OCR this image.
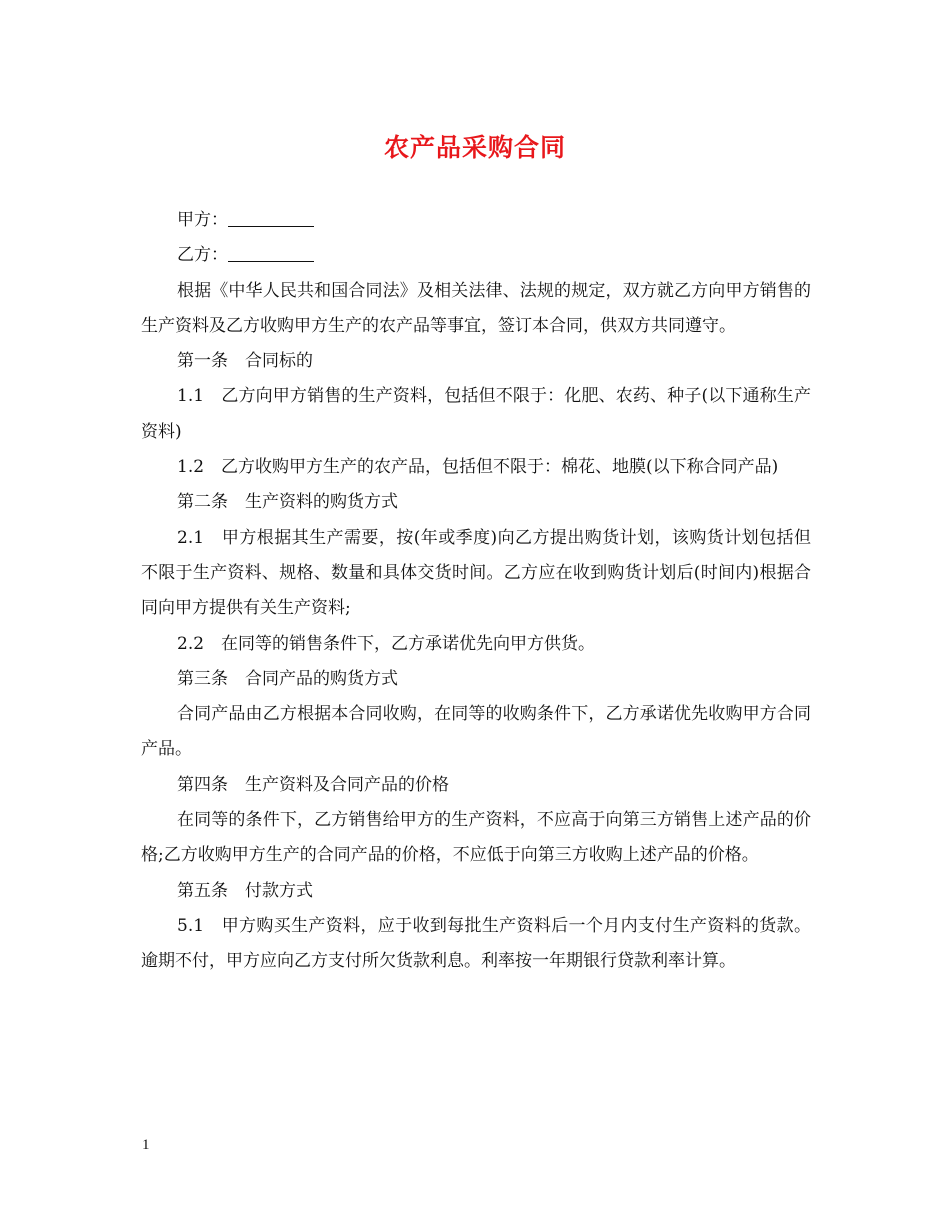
农产品采购合同

甲方：

乙方：

根据《中华人民共和国合同法》及相关法律、法规的规定，双方就乙方向甲方销售的生产资料及乙方收购甲方生产的农产品等事宜，签订本合同，供双方共同遵守。

第一条　合同标的

1.1　乙方向甲方销售的生产资料，包括但不限于：化肥、农药、种子(以下通称生产资料)

1.2　乙方收购甲方生产的农产品，包括但不限于：棉花、地膜(以下称合同产品)

第二条　生产资料的购货方式

2.1　甲方根据其生产需要，按(年或季度)向乙方提出购货计划，该购货计划包括但不限于生产资料、规格、数量和具体交货时间。乙方应在收到购货计划后(时间内)根据合同向甲方提供有关生产资料;

2.2　在同等的销售条件下，乙方承诺优先向甲方供货。

第三条　合同产品的购货方式

合同产品由乙方根据本合同收购，在同等的收购条件下，乙方承诺优先收购甲方合同产品。

第四条　生产资料及合同产品的价格

在同等的条件下，乙方销售给甲方的生产资料，不应高于向第三方销售上述产品的价格;乙方收购甲方生产的合同产品的价格，不应低于向第三方收购上述产品的价格。

第五条　付款方式

5.1　甲方购买生产资料，应于收到每批生产资料后一个月内支付生产资料的货款。逾期不付，甲方应向乙方支付所欠货款利息。利率按一年期银行贷款利率计算。

1
